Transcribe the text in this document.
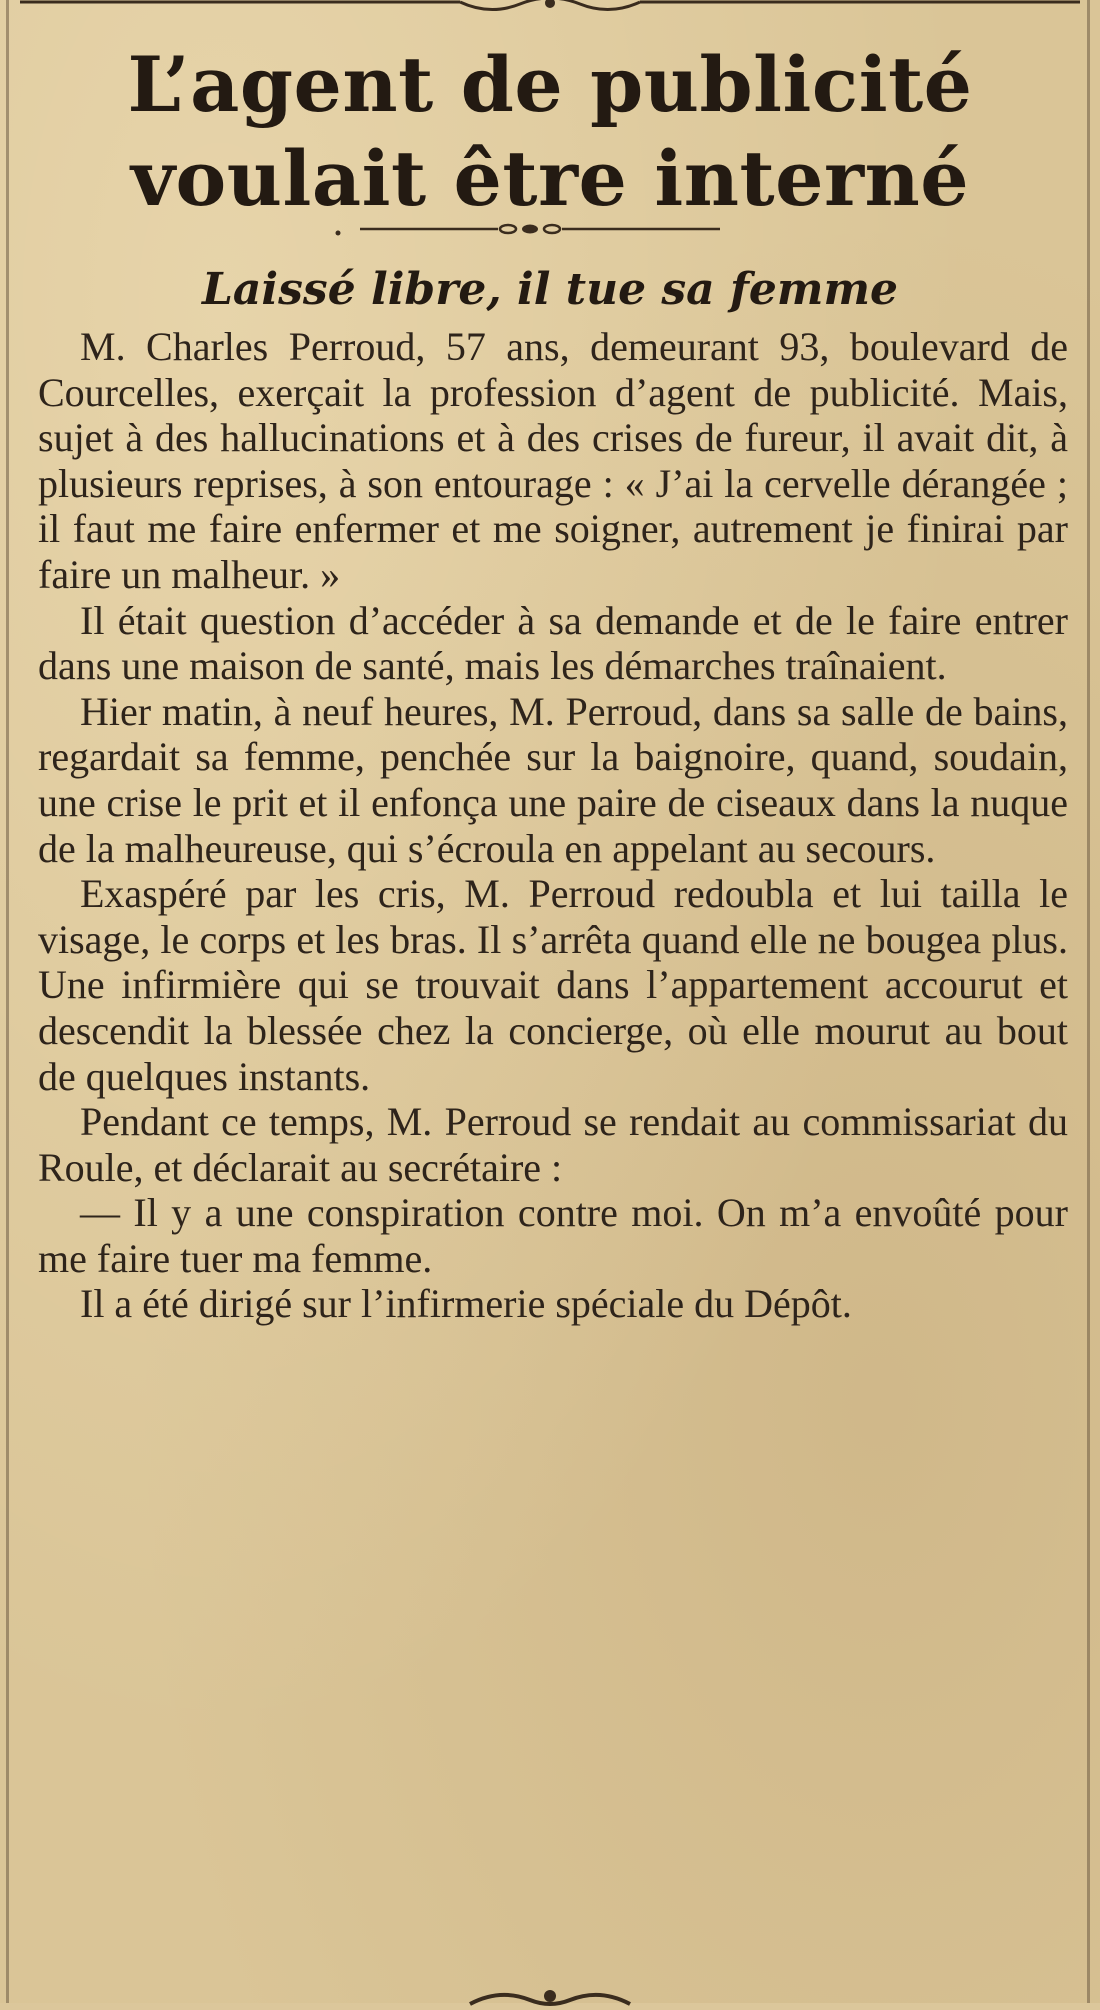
L’agent de publicité
voulait être interné
Laissé libre, il tue sa femme

M. Charles Perroud, 57 ans, demeurant 93, boulevard de Courcelles, exerçait la profession d’agent de publicité. Mais, sujet à des hallucinations et à des crises de fureur, il avait dit, à plusieurs reprises, à son entourage : « J’ai la cervelle dérangée ; il faut me faire enfermer et me soigner, autrement je finirai par faire un malheur. »

Il était question d’accéder à sa demande et de le faire entrer dans une maison de santé, mais les démarches traînaient.

Hier matin, à neuf heures, M. Perroud, dans sa salle de bains, regardait sa femme, penchée sur la baignoire, quand, soudain, une crise le prit et il enfonça une paire de ciseaux dans la nuque de la malheureuse, qui s’écroula en appelant au secours.

Exaspéré par les cris, M. Perroud redoubla et lui tailla le visage, le corps et les bras. Il s’arrêta quand elle ne bougea plus. Une infirmière qui se trouvait dans l’appartement accourut et descendit la blessée chez la concierge, où elle mourut au bout de quelques instants.

Pendant ce temps, M. Perroud se rendait au commissariat du Roule, et déclarait au secrétaire :

— Il y a une conspiration contre moi. On m’a envoûté pour me faire tuer ma femme.

Il a été dirigé sur l’infirmerie spéciale du Dépôt.
